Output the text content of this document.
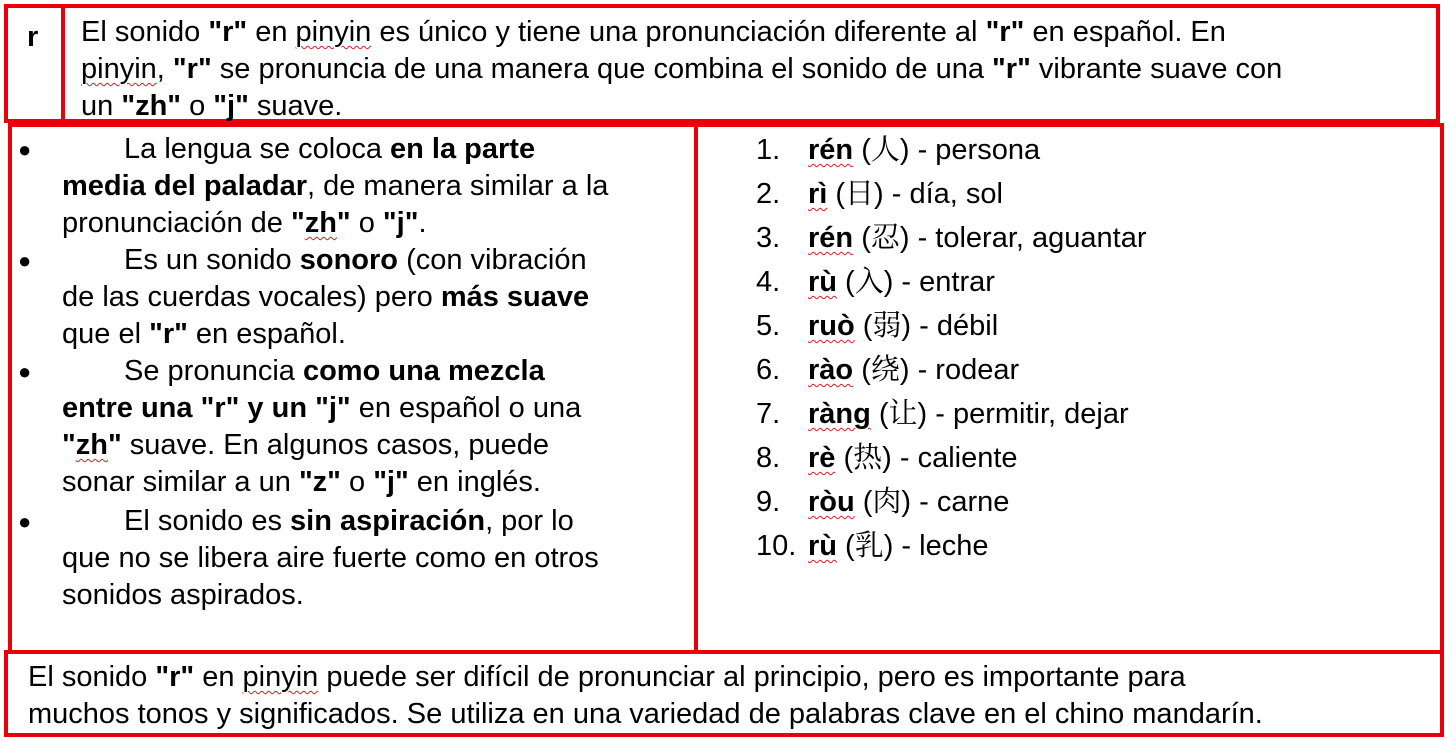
r El sonido "r" en pinyin es único y tiene una pronunciación diferente al "r" en español. En
pinyin, "r" se pronuncia de una manera que combina el sonido de una "r" vibrante suave con
un "zh" o "j" suave.
●	La lengua se coloca en la parte
media del paladar, de manera similar a la
pronunciación de "zh" o "j".
●	Es un sonido sonoro (con vibración
de las cuerdas vocales) pero más suave
que el "r" en español.
●	Se pronuncia como una mezcla
entre una "r" y un "j" en español o una
"zh" suave. En algunos casos, puede
sonar similar a un "z" o "j" en inglés.
●	El sonido es sin aspiración, por lo
que no se libera aire fuerte como en otros
sonidos aspirados.
1. rén (人) - persona
2. rì (日) - día, sol
3. rén (忍) - tolerar, aguantar
4. rù (入) - entrar
5. ruò (弱) - débil
6. rào (绕) - rodear
7. ràng (让) - permitir, dejar
8. rè (热) - caliente
9. ròu (肉) - carne
10. rù (乳) - leche
El sonido "r" en pinyin puede ser difícil de pronunciar al principio, pero es importante para
muchos tonos y significados. Se utiliza en una variedad de palabras clave en el chino mandarín.
